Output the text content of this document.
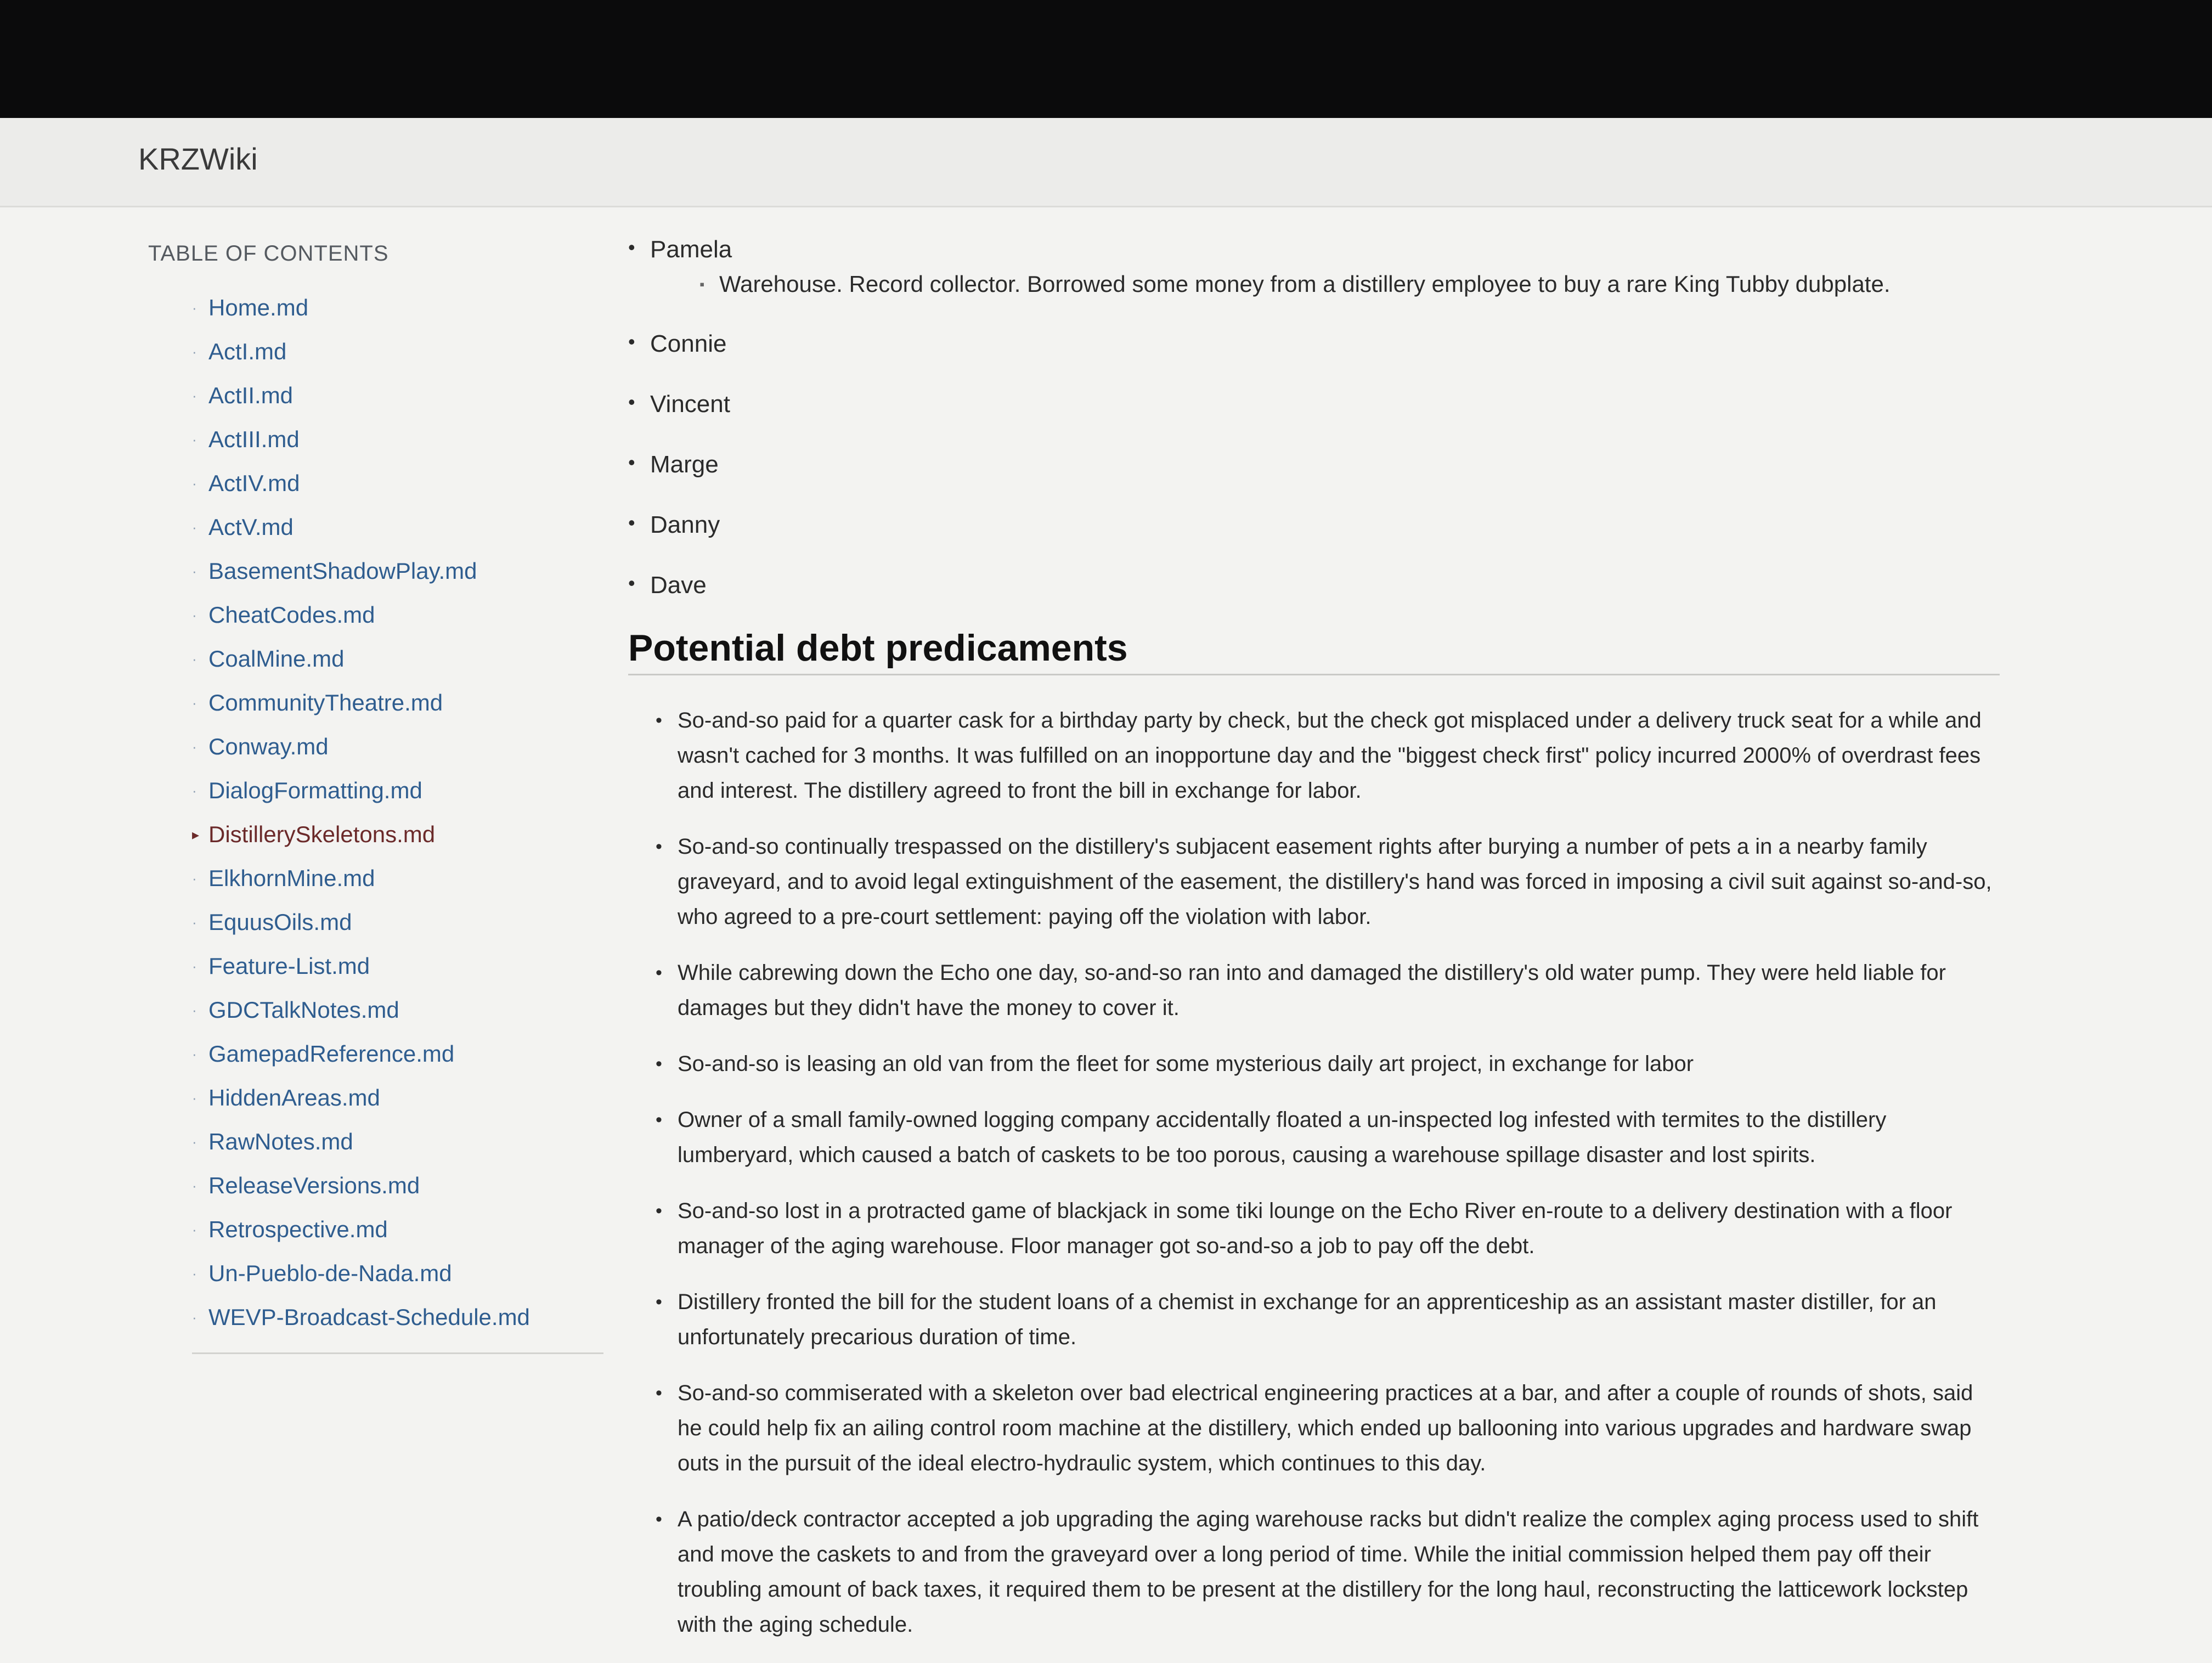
KRZWiki
TABLE OF CONTENTS
· Home.md
· ActI.md
· ActII.md
· ActIII.md
· ActIV.md
· ActV.md
· BasementShadowPlay.md
· CheatCodes.md
· CoalMine.md
· CommunityTheatre.md
· Conway.md
· DialogFormatting.md
▸ DistillerySkeletons.md
· ElkhornMine.md
· EquusOils.md
· Feature-List.md
· GDCTalkNotes.md
· GamepadReference.md
· HiddenAreas.md
· RawNotes.md
· ReleaseVersions.md
· Retrospective.md
· Un-Pueblo-de-Nada.md
· WEVP-Broadcast-Schedule.md
• Pamela
▪ Warehouse. Record collector. Borrowed some money from a distillery employee to buy a rare King Tubby dubplate.
• Connie
• Vincent
• Marge
• Danny
• Dave
Potential debt predicaments
• So-and-so paid for a quarter cask for a birthday party by check, but the check got misplaced under a delivery truck seat for a while and wasn't cached for 3 months. It was fulfilled on an inopportune day and the "biggest check first" policy incurred 2000% of overdrast fees and interest. The distillery agreed to front the bill in exchange for labor.
• So-and-so continually trespassed on the distillery's subjacent easement rights after burying a number of pets a in a nearby family graveyard, and to avoid legal extinguishment of the easement, the distillery's hand was forced in imposing a civil suit against so-and-so, who agreed to a pre-court settlement: paying off the violation with labor.
• While cabrewing down the Echo one day, so-and-so ran into and damaged the distillery's old water pump. They were held liable for damages but they didn't have the money to cover it.
• So-and-so is leasing an old van from the fleet for some mysterious daily art project, in exchange for labor
• Owner of a small family-owned logging company accidentally floated a un-inspected log infested with termites to the distillery lumberyard, which caused a batch of caskets to be too porous, causing a warehouse spillage disaster and lost spirits.
• So-and-so lost in a protracted game of blackjack in some tiki lounge on the Echo River en-route to a delivery destination with a floor manager of the aging warehouse. Floor manager got so-and-so a job to pay off the debt.
• Distillery fronted the bill for the student loans of a chemist in exchange for an apprenticeship as an assistant master distiller, for an unfortunately precarious duration of time.
• So-and-so commiserated with a skeleton over bad electrical engineering practices at a bar, and after a couple of rounds of shots, said he could help fix an ailing control room machine at the distillery, which ended up ballooning into various upgrades and hardware swap outs in the pursuit of the ideal electro-hydraulic system, which continues to this day.
• A patio/deck contractor accepted a job upgrading the aging warehouse racks but didn't realize the complex aging process used to shift and move the caskets to and from the graveyard over a long period of time. While the initial commission helped them pay off their troubling amount of back taxes, it required them to be present at the distillery for the long haul, reconstructing the latticework lockstep with the aging schedule.
